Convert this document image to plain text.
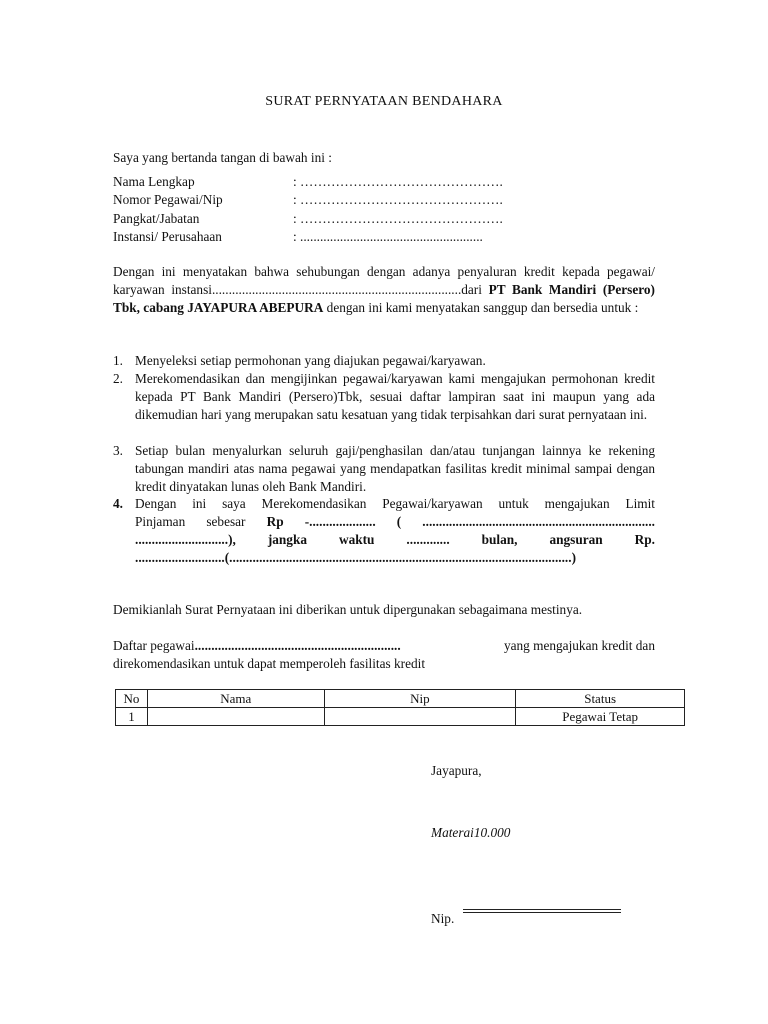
SURAT PERNYATAAN BENDAHARA
Saya yang bertanda tangan di bawah ini :
Nama Lengkap	: ……………………………………….
Nomor Pegawai/Nip	: ……………………………………….
Pangkat/Jabatan	: ……………………………………….
Instansi/ Perusahaan	: .......................................................
Dengan ini menyatakan bahwa sehubungan dengan adanya penyaluran kredit kepada pegawai/ karyawan instansi...........................................................................dari PT Bank Mandiri (Persero) Tbk, cabang JAYAPURA ABEPURA dengan ini kami menyatakan sanggup dan bersedia untuk :
1. Menyeleksi setiap permohonan yang diajukan pegawai/karyawan.
2. Merekomendasikan dan mengijinkan pegawai/karyawan kami mengajukan permohonan kredit kepada PT Bank Mandiri (Persero)Tbk, sesuai daftar lampiran saat ini maupun yang ada dikemudian hari yang merupakan satu kesatuan yang tidak terpisahkan dari surat pernyataan ini.
3. Setiap bulan menyalurkan seluruh gaji/penghasilan dan/atau tunjangan lainnya ke rekening tabungan mandiri atas nama pegawai yang mendapatkan fasilitas kredit minimal sampai dengan kredit dinyatakan lunas oleh Bank Mandiri.
4. Dengan ini saya Merekomendasikan Pegawai/karyawan untuk mengajukan Limit
Pinjaman sebesar Rp -.................... ( ......................................................................
............................), jangka waktu ............. bulan, angsuran Rp.
...........................(.......................................................................................................)
Demikianlah Surat Pernyataan ini diberikan untuk dipergunakan sebagaimana mestinya.
Daftar pegawai..............................................................	yang mengajukan kredit dan
direkomendasikan untuk dapat memperoleh fasilitas kredit
No	Nama	Nip	Status
1			Pegawai Tetap
Jayapura,
Materai10.000
Nip.
